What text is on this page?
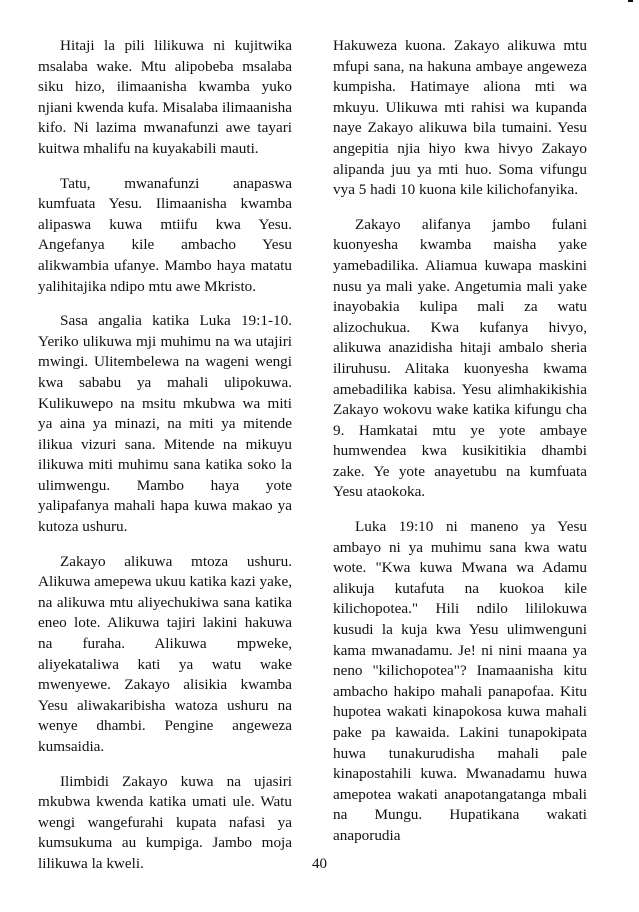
Hitaji la pili lilikuwa ni kujitwika msalaba wake. Mtu alipobeba msalaba siku hizo, ilimaanisha kwamba yuko njiani kwenda kufa. Misalaba ilimaanisha kifo. Ni lazima mwanafunzi awe tayari kuitwa mhalifu na kuyakabili mauti.

Tatu, mwanafunzi anapaswa kumfuata Yesu. Ilimaanisha kwamba alipaswa kuwa mtiifu kwa Yesu. Angefanya kile ambacho Yesu alikwambia ufanye. Mambo haya matatu yalihitajika ndipo mtu awe Mkristo.

Sasa angalia katika Luka 19:1-10. Yeriko ulikuwa mji muhimu na wa utajiri mwingi. Ulitembelewa na wageni wengi kwa sababu ya mahali ulipokuwa. Kulikuwepo na msitu mkubwa wa miti ya aina ya minazi, na miti ya mitende ilikua vizuri sana. Mitende na mikuyu ilikuwa miti muhimu sana katika soko la ulimwengu. Mambo haya yote yalipafanya mahali hapa kuwa makao ya kutoza ushuru.

Zakayo alikuwa mtoza ushuru. Alikuwa amepewa ukuu katika kazi yake, na alikuwa mtu aliyechukiwa sana katika eneo lote. Alikuwa tajiri lakini hakuwa na furaha. Alikuwa mpweke, aliyekataliwa kati ya watu wake mwenyewe. Zakayo alisikia kwamba Yesu aliwakaribisha watoza ushuru na wenye dhambi. Pengine angeweza kumsaidia.

Ilimbidi Zakayo kuwa na ujasiri mkubwa kwenda katika umati ule. Watu wengi wangefurahi kupata nafasi ya kumsukuma au kumpiga. Jambo moja lilikuwa la kweli.

Hakuweza kuona. Zakayo alikuwa mtu mfupi sana, na hakuna ambaye angeweza kumpisha. Hatimaye aliona mti wa mkuyu. Ulikuwa mti rahisi wa kupanda naye Zakayo alikuwa bila tumaini. Yesu angepitia njia hiyo kwa hivyo Zakayo alipanda juu ya mti huo. Soma vifungu vya 5 hadi 10 kuona kile kilichofanyika.

Zakayo alifanya jambo fulani kuonyesha kwamba maisha yake yamebadilika. Aliamua kuwapa maskini nusu ya mali yake. Angetumia mali yake inayobakia kulipa mali za watu alizochukua. Kwa kufanya hivyo, alikuwa anazidisha hitaji ambalo sheria iliruhusu. Alitaka kuonyesha kwama amebadilika kabisa. Yesu alimhakikishia Zakayo wokovu wake katika kifungu cha 9. Hamkatai mtu ye yote ambaye humwendea kwa kusikitikia dhambi zake. Ye yote anayetubu na kumfuata Yesu ataokoka.

Luka 19:10 ni maneno ya Yesu ambayo ni ya muhimu sana kwa watu wote. "Kwa kuwa Mwana wa Adamu alikuja kutafuta na kuokoa kile kilichopotea." Hili ndilo lililokuwa kusudi la kuja kwa Yesu ulimwenguni kama mwanadamu. Je! ni nini maana ya neno "kilichopotea"? Inamaanisha kitu ambacho hakipo mahali panapofaa. Kitu hupotea wakati kinapokosa kuwa mahali pake pa kawaida. Lakini tunapokipata huwa tunakurudisha mahali pale kinapostahili kuwa. Mwanadamu huwa amepotea wakati anapotangatanga mbali na Mungu. Hupatikana wakati anaporudia

40
